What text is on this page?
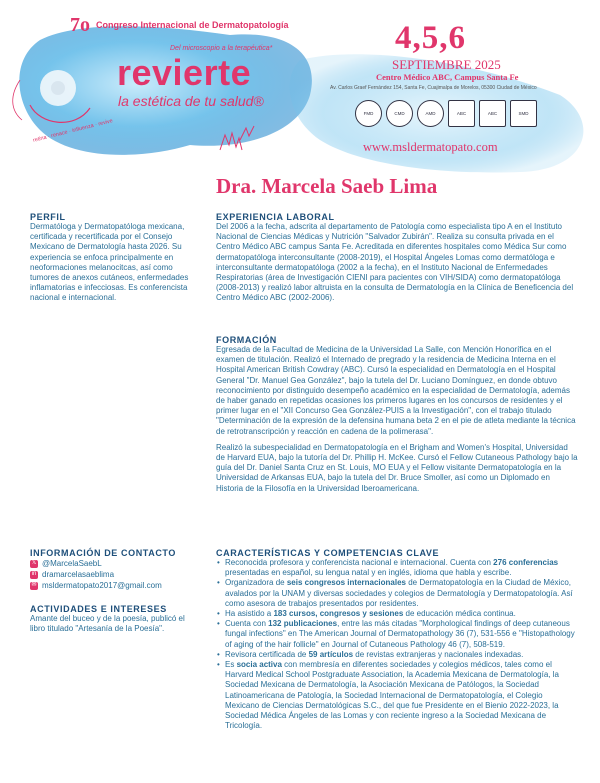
7o Congreso Internacional de Dermatopatología
Del microscopio a la terapéutica*
revierte
la estética de tu salud®
retina · renace · influenza · revive
4,5,6
SEPTIEMBRE 2025
Centro Médico ABC, Campus Santa Fe
Av. Carlos Graef Fernández 154, Santa Fe, Cuajimalpa de Morelos, 05300 Ciudad de México
FMD	CMD	AMD	ABC	ABC	SMD
www.msldermatopato.com
Dra. Marcela Saeb Lima
PERFIL
Dermatóloga y Dermatopatóloga mexicana, certificada y recertificada por el Consejo Mexicano de Dermatología hasta 2026. Su experiencia se enfoca principalmente en neoformaciones melanocitcas, así como tumores de anexos cutáneos, enfermedades inflamatorias e infecciosas. Es conferencista nacional e internacional.
EXPERIENCIA LABORAL
Del 2006 a la fecha, adscrita al departamento de Patología como especialista tipo A en el Instituto Nacional de Ciencias Médicas y Nutrición "Salvador Zubirán". Realiza su consulta privada en el Centro Médico ABC campus Santa Fe. Acreditada en diferentes hospitales como Médica Sur como dermatopatóloga interconsultante (2008-2019), el Hospital Ángeles Lomas como dermatóloga e interconsultante dermatopatóloga (2002 a la fecha), en el Instituto Nacional de Enfermedades Respiratorias (área de Investigación CIENI para pacientes con VIH/SIDA) como dermatopatóloga (2008-2013) y realizó labor altruista en la consulta de Dermatología en la Clínica de Beneficencia del Centro Médico ABC (2002-2006).
FORMACIÓN
Egresada de la Facultad de Medicina de la Universidad La Salle, con Mención Honorífica en el examen de titulación. Realizó el Internado de pregrado y la residencia de Medicina Interna en el Hospital American British Cowdray (ABC). Cursó la especialidad en Dermatología en el Hospital General "Dr. Manuel Gea González", bajo la tutela del Dr. Luciano Domínguez, en donde obtuvo reconocimiento por distinguido desempeño académico en la especialidad de Dermatología, además de haber ganado en repetidas ocasiones los primeros lugares en los concursos de residentes y el primer lugar en el "XII Concurso Gea González-PUIS a la Investigación", con el trabajo titulado "Determinación de la expresión de la defensina humana beta 2 en el pie de atleta mediante la técnica de retrotranscripción y reacción en cadena de la polimerasa".
Realizó la subespecialidad en Dermatopatología en el Brigham and Women's Hospital, Universidad de Harvard EUA, bajo la tutoría del Dr. Phillip H. McKee. Cursó el Fellow Cutaneous Pathology bajo la guía del Dr. Daniel Santa Cruz en St. Louis, MO EUA y el Fellow visitante Dermatopatología en la Universidad de Arkansas EUA, bajo la tutela del Dr. Bruce Smoller, así como un Diplomado en Historia de la Filosofía en la Universidad Iberoamericana.
INFORMACIÓN DE CONTACTO
𝕏 @MarcelaSaebL
in dramarcelasaeblima
✉ msldermatopato2017@gmail.com
ACTIVIDADES E INTERESES
Amante del buceo y de la poesía, publicó el libro titulado "Artesanía de la Poesía".
CARACTERÍSTICAS Y COMPETENCIAS CLAVE
• Reconocida profesora y conferencista nacional e internacional. Cuenta con 276 conferencias presentadas en español, su lengua natal y en inglés, idioma que habla y escribe.
• Organizadora de seis congresos internacionales de Dermatopatología en la Ciudad de México, avalados por la UNAM y diversas sociedades y colegios de Dermatología y Dermatopatología. Así como asesora de trabajos presentados por residentes.
• Ha asistido a 183 cursos, congresos y sesiones de educación médica continua.
• Cuenta con 132 publicaciones, entre las más citadas "Morphological findings of deep cutaneous fungal infections" en The American Journal of Dermatopathology 36 (7), 531-556 e "Histopathology of aging of the hair follicle" en Journal of Cutaneous Pathology 46 (7), 508-519.
• Revisora certificada de 59 artículos de revistas extranjeras y nacionales indexadas.
• Es socia activa con membresía en diferentes sociedades y colegios médicos, tales como el Harvard Medical School Postgraduate Association, la Academia Mexicana de Dermatología, la Sociedad Mexicana de Dermatología, la Asociación Mexicana de Patólogos, la Sociedad Latinoamericana de Patología, la Sociedad Internacional de Dermatopatología, el Colegio Mexicano de Ciencias Dermatológicas S.C., del que fue Presidente en el Bienio 2022-2023, la Sociedad Médica Ángeles de las Lomas y con reciente ingreso a la Sociedad Mexicana de Tricología.
